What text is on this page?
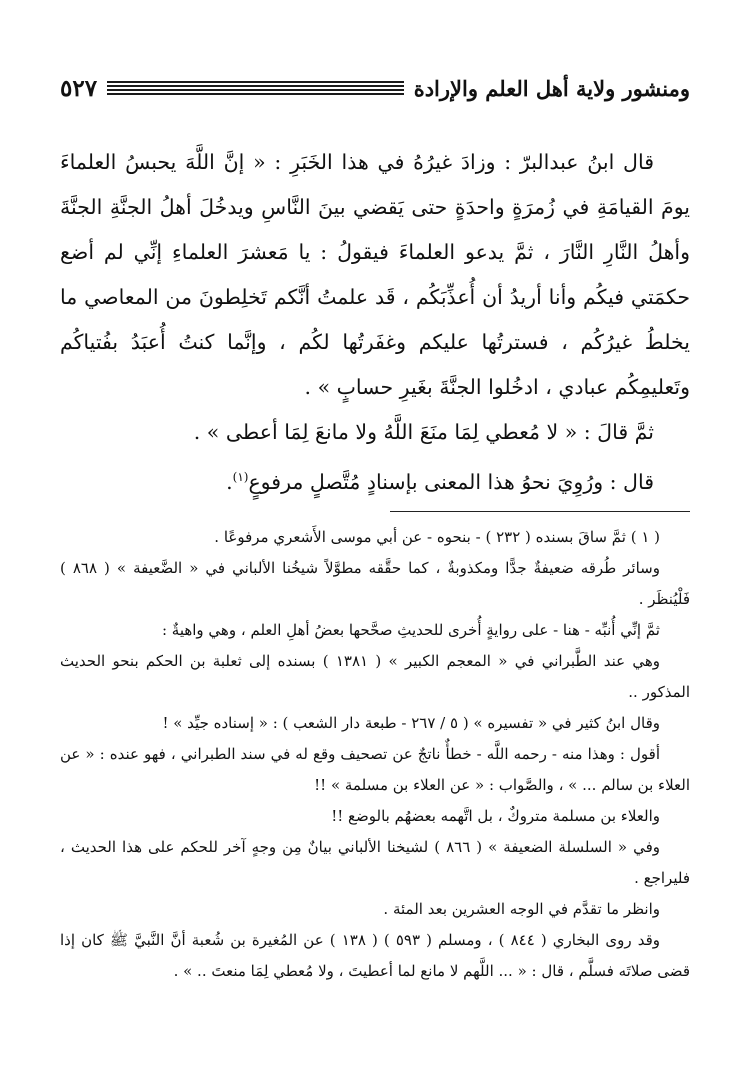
ومنشور ولاية أهل العلم والإرادة
٥٢٧

قال ابنُ عبدالبرّ : وزادَ غيرُهُ في هذا الخَبَرِ : « إنَّ اللَّهَ يحبسُ العلماءَ يومَ القيامَةِ في زُمرَةٍ واحدَةٍ حتى يَقضي بينَ النَّاسِ ويدخُلَ أهلُ الجنَّةِ الجنَّةَ وأهلُ النَّارِ النَّارَ ، ثمَّ يدعو العلماءَ فيقولُ : يا مَعشرَ العلماءِ إنِّي لم أضع حكمَتي فيكُم وأنا أريدُ أن أُعذِّبَكُم ، قَد علمتُ أنَّكم تَخلِطونَ من المعاصي ما يخلطُ غيرُكُم ، فسترتُها عليكم وغفَرتُها لكُم ، وإنَّما كنتُ أُعبَدُ بفُتياكُم وتَعليمِكُم عبادي ، ادخُلوا الجنَّةَ بغَيرِ حسابٍ » .

ثمَّ قالَ : « لا مُعطي لِمَا منَعَ اللَّهُ ولا مانعَ لِمَا أعطى » .

قال : ورُوِيَ نحوُ هذا المعنى بإسنادٍ مُتَّصلٍ مرفوعٍ$^{(١)}$.

( ١ ) ثمَّ ساقَ بسنده ( ٢٣٢ ) - بنحوه - عن أبي موسى الأَشعري مرفوعًا .

وسائر طُرقه ضعيفةٌ جدًّا ومكذوبةٌ ، كما حقَّقه مطوَّلاً شيخُنا الألباني في « الضَّعيفة » ( ٨٦٨ ) فَلْيُنظَر .

ثمَّ إنِّي أُنبِّه - هنا - على روايةٍ أُخرى للحديثِ صحَّحها بعضُ أهلِ العلم ، وهي واهيةٌ :

وهي عند الطَّبراني في « المعجم الكبير » ( ١٣٨١ ) بسنده إلى ثعلبة بن الحكم بنحو الحديث المذكور ..

وقال ابنُ كثير في « تفسيره » ( ٥ / ٢٦٧ - طبعة دار الشعب ) : « إسناده جيِّد » !

أقول : وهذا منه - رحمه اللَّه - خطأٌ ناتجٌ عن تصحيف وقع له في سند الطبراني ، فهو عنده : « عن العلاء بن سالم ... » ، والصَّواب : « عن العلاء بن مسلمة » !!

والعلاء بن مسلمة متروكٌ ، بل اتَّهمه بعضهُم بالوضع !!

وفي « السلسلة الضعيفة » ( ٨٦٦ ) لشيخنا الألباني بيانٌ مِن وجهٍ آخر للحكم على هذا الحديث ، فليراجع .

وانظر ما تقدَّم في الوجه العشرين بعد المئة .

وقد روى البخاري ( ٨٤٤ ) ، ومسلم ( ٥٩٣ ) ( ١٣٨ ) عن المُغيرة بن شُعبة أنَّ النَّبيَّ ﷺ كان إذا قضى صلاتَه فسلَّم ، قال : « ... اللَّهم لا مانع لما أعطيتَ ، ولا مُعطي لِمَا منعتَ .. » .
